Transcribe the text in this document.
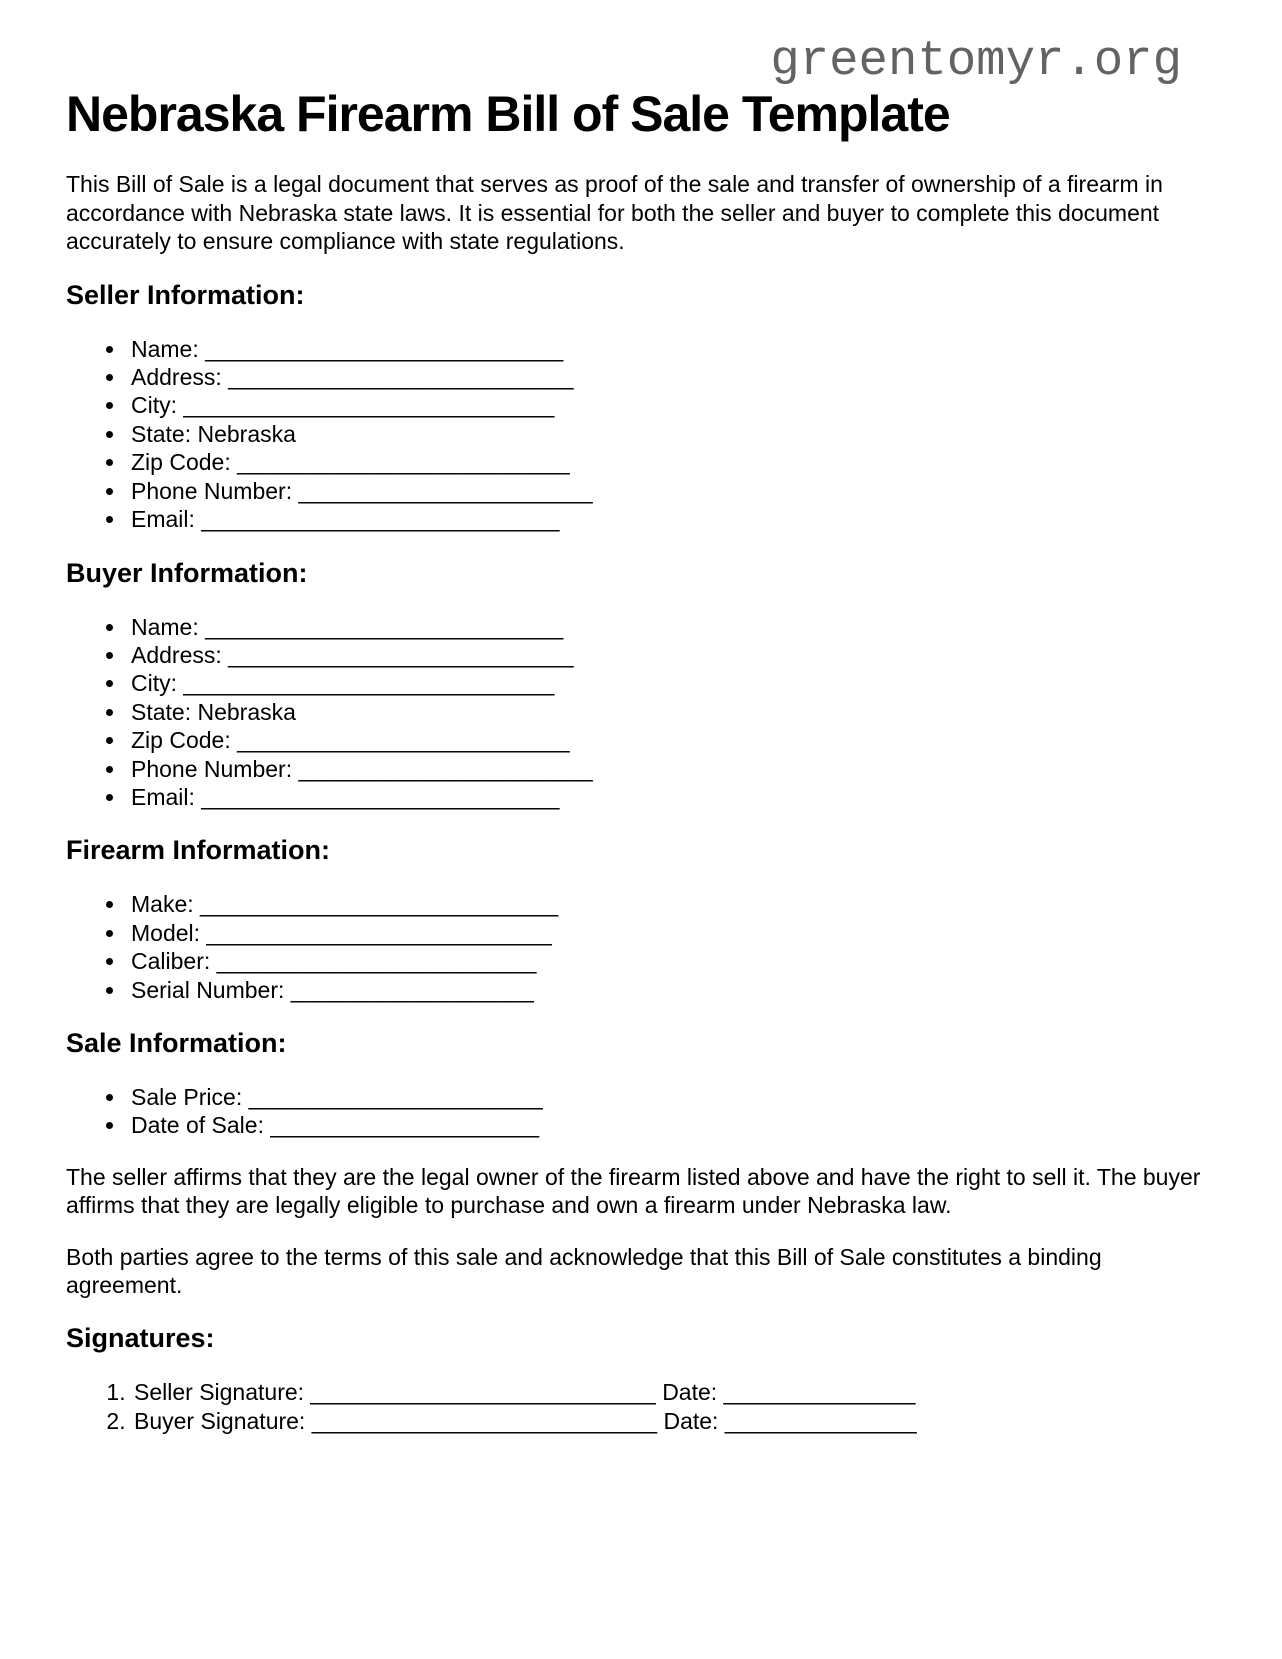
greentomyr.org
Nebraska Firearm Bill of Sale Template

This Bill of Sale is a legal document that serves as proof of the sale and transfer of ownership of a firearm in accordance with Nebraska state laws. It is essential for both the seller and buyer to complete this document accurately to ensure compliance with state regulations.

Seller Information:
• Name: ____________________________
• Address: ___________________________
• City: _____________________________
• State: Nebraska
• Zip Code: __________________________
• Phone Number: _______________________
• Email: ____________________________
Buyer Information:
• Name: ____________________________
• Address: ___________________________
• City: _____________________________
• State: Nebraska
• Zip Code: __________________________
• Phone Number: _______________________
• Email: ____________________________
Firearm Information:
• Make: ____________________________
• Model: ___________________________
• Caliber: _________________________
• Serial Number: ___________________
Sale Information:
• Sale Price: _______________________
• Date of Sale: _____________________

The seller affirms that they are the legal owner of the firearm listed above and have the right to sell it. The buyer affirms that they are legally eligible to purchase and own a firearm under Nebraska law.

Both parties agree to the terms of this sale and acknowledge that this Bill of Sale constitutes a binding agreement.

Signatures:
1. Seller Signature: ___________________________ Date: _______________
2. Buyer Signature: ___________________________ Date: _______________
